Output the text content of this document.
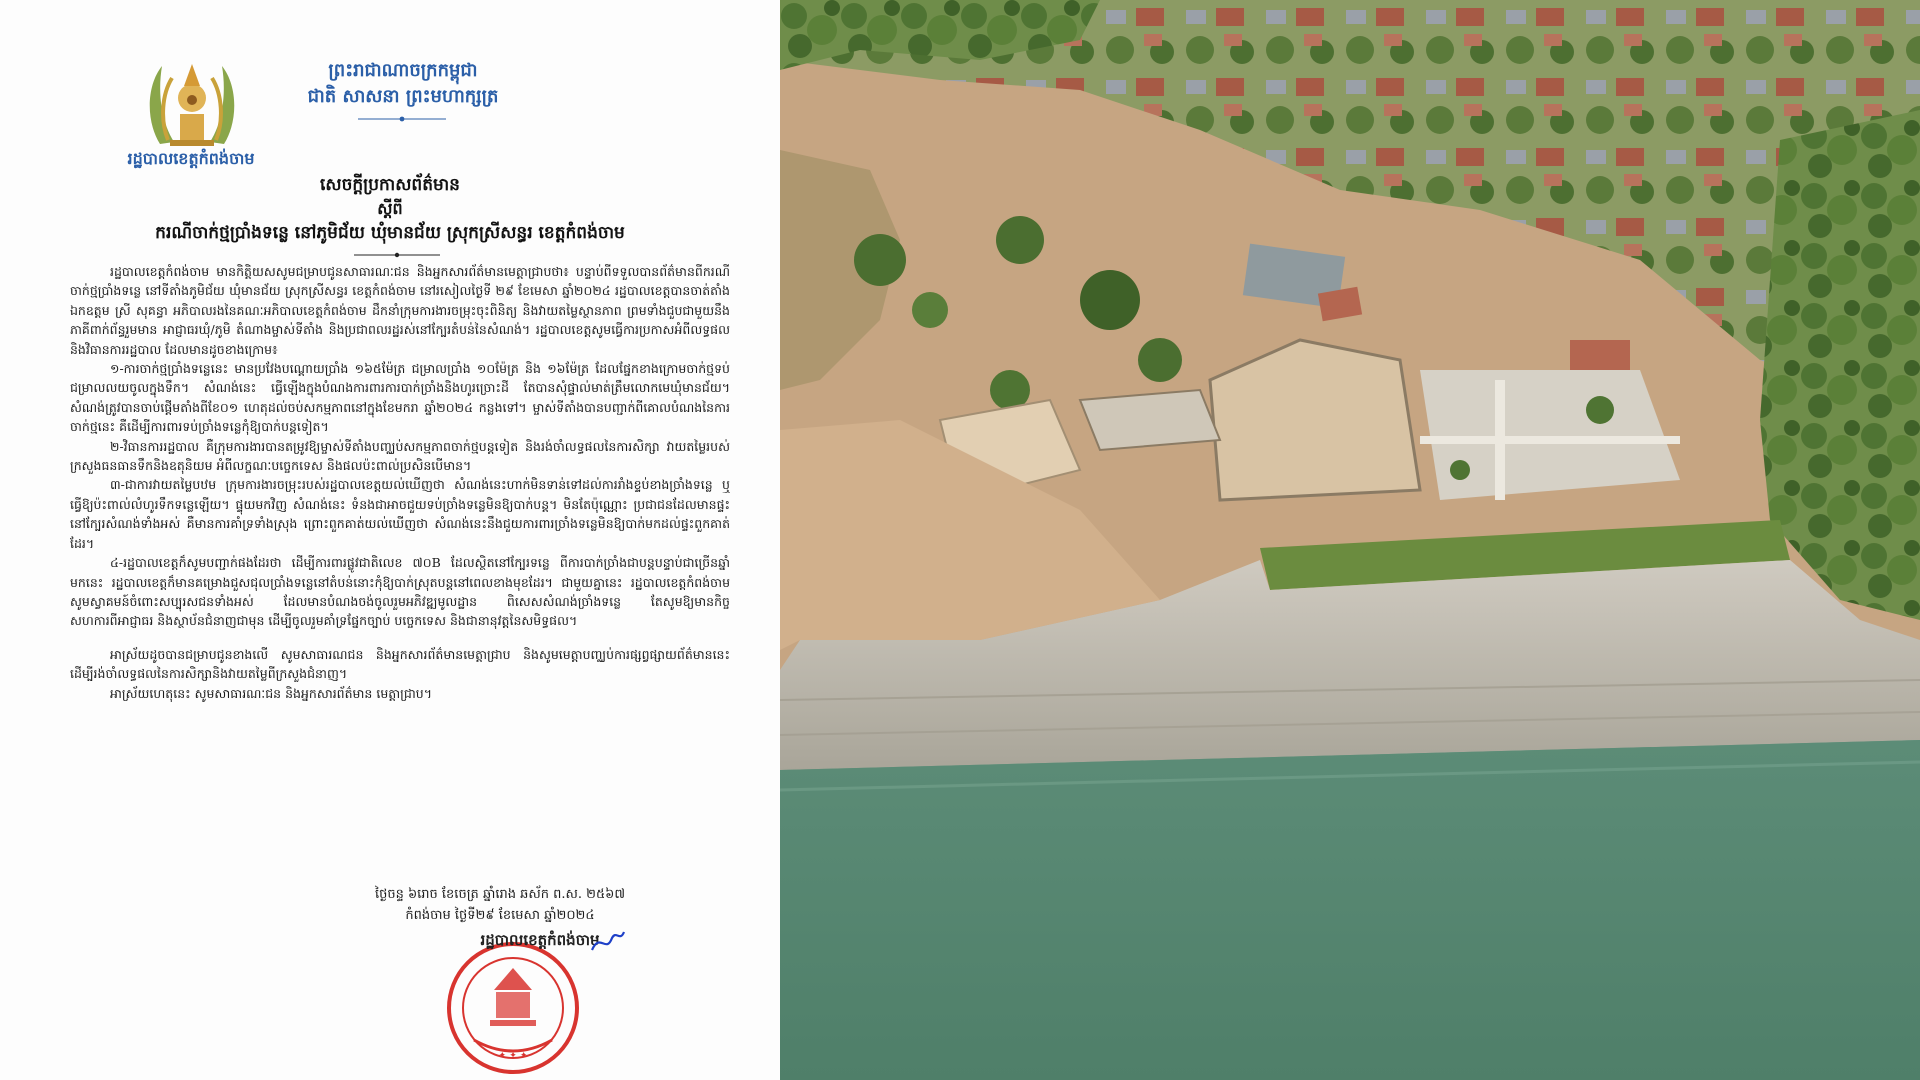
រដ្ឋបាលខេត្តកំពង់ចាម
ព្រះរាជាណាចក្រកម្ពុជា
ជាតិ សាសនា ព្រះមហាក្សត្រ
សេចក្តីប្រកាសព័ត៌មាន
ស្តីពី
ករណីចាក់ថ្មប្រាំងទន្លេ នៅភូមិជ័យ ឃុំមានជ័យ ស្រុកស្រីសន្ធរ ខេត្តកំពង់ចាម

រដ្ឋបាលខេត្តកំពង់ចាម មានកិត្តិយសសូមជម្រាបជូនសាធារណៈជន និងអ្នកសារព័ត៌មានមេត្តាជ្រាបថា៖ បន្ទាប់ពីទទួលបានព័ត៌មានពីករណីចាក់ថ្មប្រាំងទន្លេ នៅទីតាំងភូមិជ័យ ឃុំមានជ័យ ស្រុកស្រីសន្ធរ ខេត្តកំពង់ចាម នៅរសៀលថ្ងៃទី ២៩ ខែមេសា ឆ្នាំ២០២៤ រដ្ឋបាលខេត្តបានចាត់តាំង ឯកឧត្តម ស្រី សុគន្ធា អភិបាលរងនៃគណៈអភិបាលខេត្តកំពង់ចាម ដឹកនាំក្រុមការងារចម្រុះចុះពិនិត្យ និងវាយតម្លៃស្ថានភាព ព្រមទាំងជួបជាមួយនឹងភាគីពាក់ព័ន្ធរួមមាន អាជ្ញាធរឃុំ/ភូមិ តំណាងម្ចាស់ទីតាំង និងប្រជាពលរដ្ឋរស់នៅក្បែរតំបន់នៃសំណង់។ រដ្ឋបាលខេត្តសូមធ្វើការប្រកាសអំពីលទ្ធផល និងវិធានការរដ្ឋបាល ដែលមានដូចខាងក្រោម៖

១-ការចាក់ថ្មប្រាំងទន្លេនេះ មានប្រវែងបណ្តោយប្រាំង ១៦៥ម៉ែត្រ ជម្រាលប្រាំង ១០ម៉ែត្រ និង ១៦ម៉ែត្រ ដែលផ្នែកខាងក្រោមចាក់ថ្មទប់ជម្រាលលយចូលក្នុងទឹក។ សំណង់នេះ ធ្វើឡើងក្នុងបំណងការពារការបាក់ច្រាំងនិងហូរច្រោះដី តែបានសុំផ្ទាល់មាត់ត្រឹមលោកមេឃុំមានជ័យ។ សំណង់ត្រូវបានចាប់ផ្តើមតាំងពីខែ០១ ហេតុដល់ចប់សកម្មភាពនៅក្នុងខែមករា ឆ្នាំ២០២៤ កន្លងទៅ។ ម្ចាស់ទីតាំងបានបញ្ជាក់ពីគោលបំណងនៃការចាក់ថ្មនេះ គឺដើម្បីការពារទប់ច្រាំងទន្លេកុំឱ្យបាក់បន្តទៀត។

២-វិធានការរដ្ឋបាល គឺក្រុមការងារបានតម្រូវឱ្យម្ចាស់ទីតាំងបញ្ឈប់សកម្មភាពចាក់ថ្មបន្តទៀត និងរង់ចាំលទ្ធផលនៃការសិក្សា វាយតម្លៃរបស់ក្រសួងធនធានទឹកនិងឧតុនិយម អំពីលក្ខណៈបច្ចេកទេស និងផលប៉ះពាល់ប្រសិនបើមាន។

៣-ជាការវាយតម្លៃបឋម ក្រុមការងារចម្រុះរបស់រដ្ឋបាលខេត្តយល់ឃើញថា សំណង់នេះហាក់មិនទាន់ទៅដល់ការរាំងខ្ទប់ខាងច្រាំងទន្លេ ឬធ្វើឱ្យប៉ះពាល់លំហូរទឹកទន្លេឡើយ។ ផ្ទុយមកវិញ សំណង់នេះ ទំនងជាអាចជួយទប់ច្រាំងទន្លេមិនឱ្យបាក់បន្ត។ មិនតែប៉ុណ្ណោះ ប្រជាជនដែលមានផ្ទះនៅក្បែរសំណង់ទាំងអស់ គឺមានការគាំទ្រទាំងស្រុង ព្រោះពួកគាត់យល់ឃើញថា សំណង់នេះនឹងជួយការពារច្រាំងទន្លេមិនឱ្យបាក់មកដល់ផ្ទះពួកគាត់ដែរ។

៤-រដ្ឋបាលខេត្តក៏សូមបញ្ជាក់ផងដែរថា ដើម្បីការពារផ្លូវជាតិលេខ ៧០B ដែលស្ថិតនៅក្បែរទន្លេ ពីការបាក់ច្រាំងជាបន្តបន្ទាប់ជាច្រើនឆ្នាំមកនេះ រដ្ឋបាលខេត្តក៏មានគម្រោងជួសជុលប្រាំងទន្លេនៅតំបន់នោះកុំឱ្យបាក់ស្រុតបន្តនៅពេលខាងមុខដែរ។ ជាមួយគ្នានេះ រដ្ឋបាលខេត្តកំពង់ចាមសូមស្វាគមន៍ចំពោះសប្បុរសជនទាំងអស់ ដែលមានបំណងចង់ចូលរួមអភិវឌ្ឍមូលដ្ឋាន ពិសេសសំណង់ច្រាំងទន្លេ តែសូមឱ្យមានកិច្ចសហការពីអាជ្ញាធរ និងស្ថាប័នជំនាញជាមុន ដើម្បីចូលរួមគាំទ្រផ្នែកច្បាប់ បច្ចេកទេស និងជានានុវត្តនៃសមិទ្ធផល។

អាស្រ័យដូចបានជម្រាបជូនខាងលើ សូមសាធារណជន និងអ្នកសារព័ត៌មានមេត្តាជ្រាប និងសូមមេត្តាបញ្ឈប់ការផ្សព្វផ្សាយព័ត៌មាននេះ ដើម្បីរង់ចាំលទ្ធផលនៃការសិក្សានិងវាយតម្លៃពីក្រសួងជំនាញ។

អាស្រ័យហេតុនេះ សូមសាធារណៈជន និងអ្នកសារព័ត៌មាន មេត្តាជ្រាប។

ថ្ងៃចន្ទ ៦រោច ខែចេត្រ ឆ្នាំរោង ឆស័ក ព.ស. ២៥៦៧
កំពង់ចាម ថ្ងៃទី២៩ ខែមេសា ឆ្នាំ២០២៤
✦ ✦ ✦
រដ្ឋបាលខេត្តកំពង់ចាម
